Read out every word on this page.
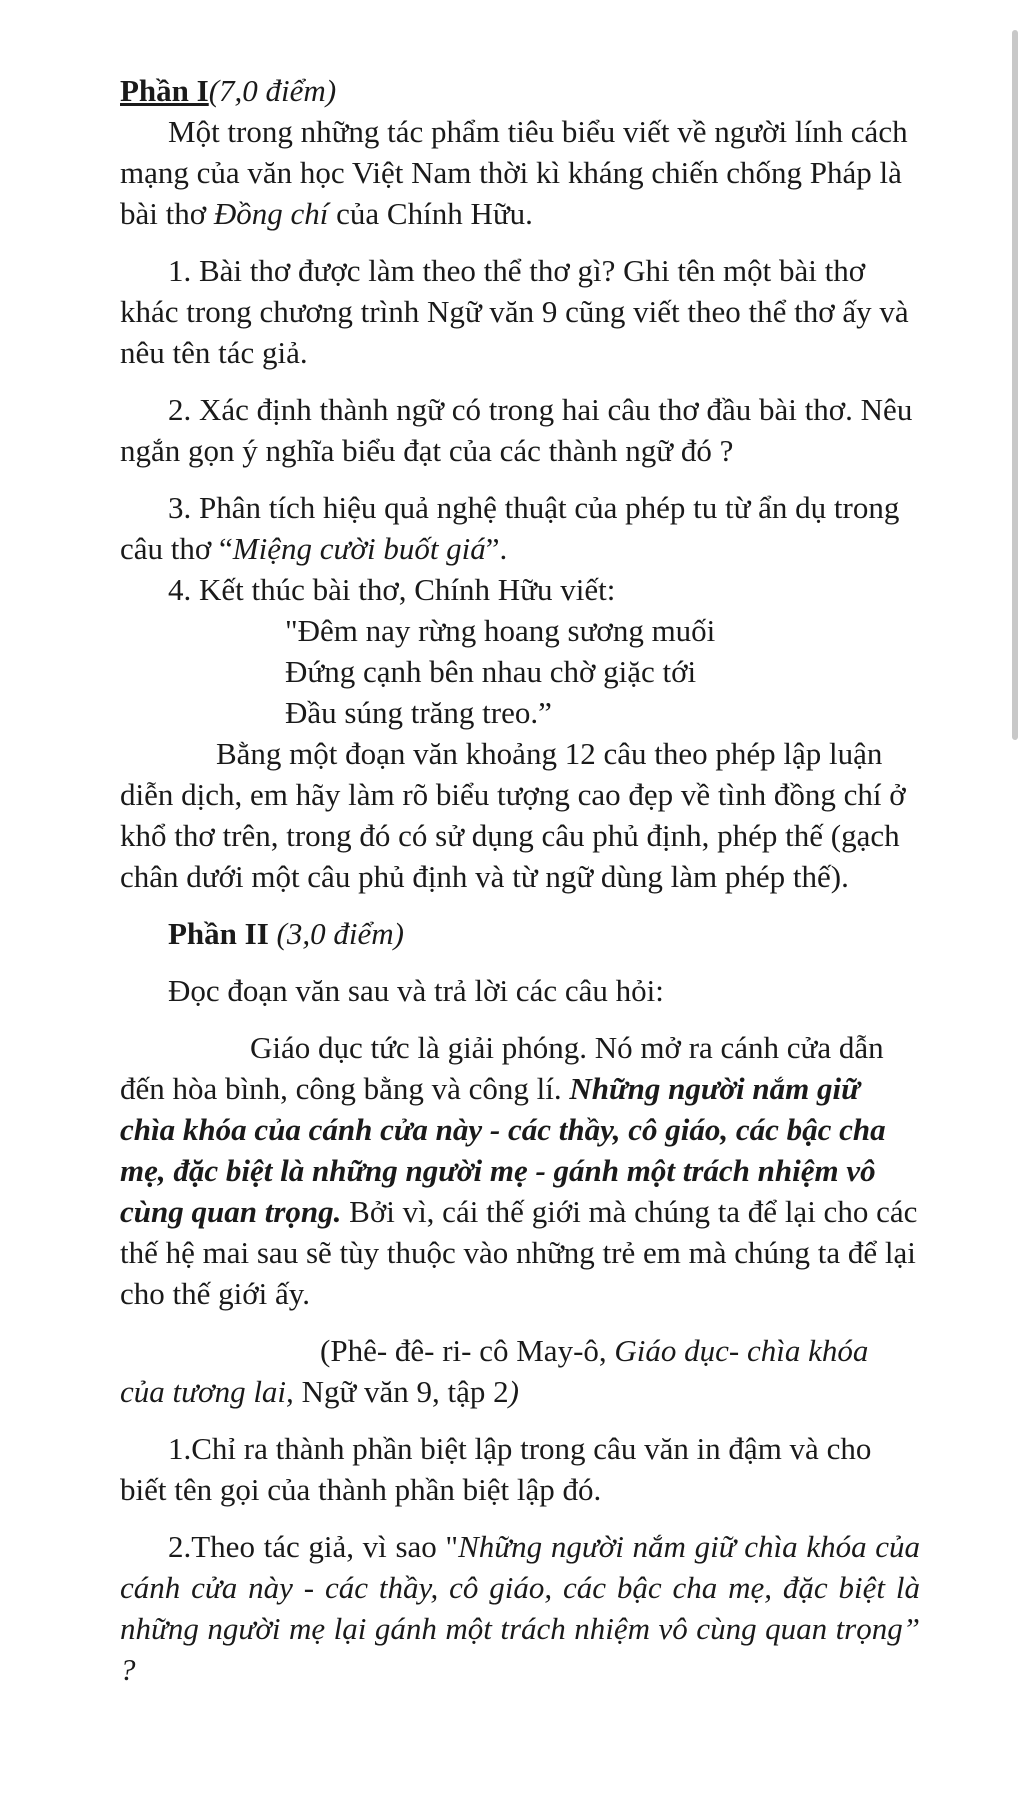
Phần I(7,0 điểm)

Một trong những tác phẩm tiêu biểu viết về người lính cách mạng của văn học Việt Nam thời kì kháng chiến chống Pháp là bài thơ Đồng chí của Chính Hữu.

1. Bài thơ được làm theo thể thơ gì? Ghi tên một bài thơ khác trong chương trình Ngữ văn 9 cũng viết theo thể thơ ấy và nêu tên tác giả.

2. Xác định thành ngữ có trong hai câu thơ đầu bài thơ. Nêu ngắn gọn ý nghĩa biểu đạt của các thành ngữ đó ?

3. Phân tích hiệu quả nghệ thuật của phép tu từ ẩn dụ trong câu thơ “Miệng cười buốt giá”.

4. Kết thúc bài thơ, Chính Hữu viết:

"Đêm nay rừng hoang sương muối

Đứng cạnh bên nhau chờ giặc tới

Đầu súng trăng treo.”

Bằng một đoạn văn khoảng 12 câu theo phép lập luận diễn dịch, em hãy làm rõ biểu tượng cao đẹp về tình đồng chí ở khổ thơ trên, trong đó có sử dụng câu phủ định, phép thế (gạch chân dưới một câu phủ định và từ ngữ dùng làm phép thế).

Phần II (3,0 điểm)

Đọc đoạn văn sau và trả lời các câu hỏi:

Giáo dục tức là giải phóng. Nó mở ra cánh cửa dẫn đến hòa bình, công bằng và công lí. Những người nắm giữ chìa khóa của cánh cửa này - các thầy, cô giáo, các bậc cha mẹ, đặc biệt là những người mẹ - gánh một trách nhiệm vô cùng quan trọng. Bởi vì, cái thế giới mà chúng ta để lại cho các thế hệ mai sau sẽ tùy thuộc vào những trẻ em mà chúng ta để lại cho thế giới ấy.

(Phê- đê- ri- cô May-ô, Giáo dục- chìa khóa của tương lai, Ngữ văn 9, tập 2)

1.Chỉ ra thành phần biệt lập trong câu văn in đậm và cho biết tên gọi của thành phần biệt lập đó.

2.Theo tác giả, vì sao "Những người nắm giữ chìa khóa của cánh cửa này - các thầy, cô giáo, các bậc cha mẹ, đặc biệt là những người mẹ lại gánh một trách nhiệm vô cùng quan trọng” ?
